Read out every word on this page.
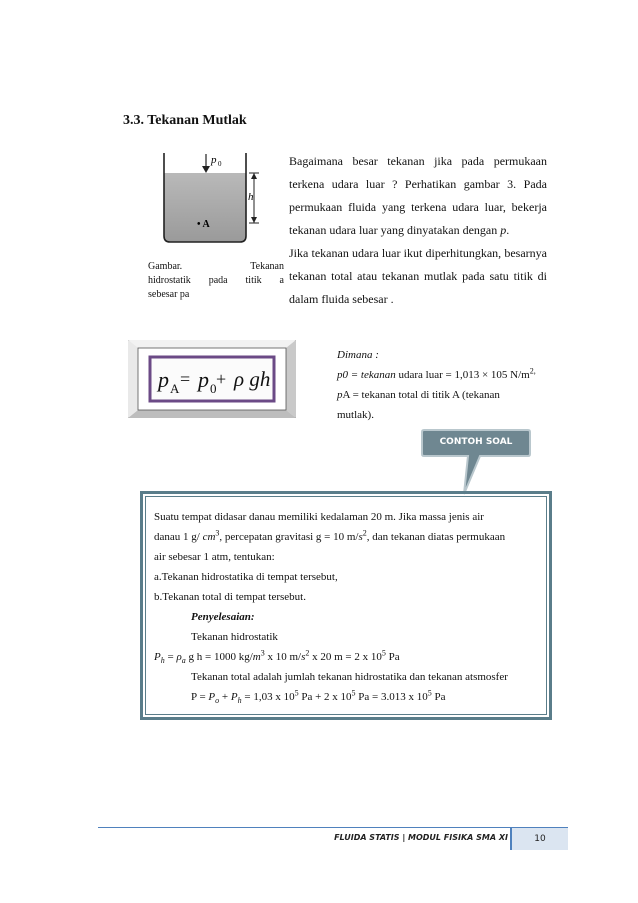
3.3. Tekanan Mutlak
p 0
h
• A
Gambar. Tekanan
hidrostatik pada titik a
sebesar pa
Bagaimana besar tekanan jika pada permukaan terkena udara luar ? Perhatikan gambar 3. Pada permukaan fluida yang terkena udara luar, bekerja tekanan udara luar yang dinyatakan dengan p.
Jika tekanan udara luar ikut diperhitungkan, besarnya tekanan total atau tekanan mutlak pada satu titik di dalam fluida sebesar .
p A = p 0 + ρ gh
Dimana :
p0 = tekanan udara luar = 1,013 × 105 $N/m^{2,}$
pA = tekanan total di titik A (tekanan
mutlak).
CONTOH SOAL
Suatu tempat didasar danau memiliki kedalaman 20 m. Jika massa jenis air
danau 1 g/ $cm^3$, percepatan gravitasi g = 10 $m/s^2$, dan tekanan diatas permukaan
air sebesar 1 atm, tentukan:
a.Tekanan hidrostatika di tempat tersebut,
b.Tekanan total di tempat tersebut.
Penyelesaian:
Tekanan hidrostatik
$P_h = \rho_a$ g h = 1000 $kg/m^3$ x 10 $m/s^2$ x 20 m = 2 x $10^5$ Pa
Tekanan total adalah jumlah tekanan hidrostatika dan tekanan atsmosfer
$P = P_o + P_h = 1,03$ x $10^5$ Pa + 2 x $10^5$ Pa = 3.013 x $10^5$ Pa
FLUIDA STATIS | MODUL FISIKA SMA XI	10
